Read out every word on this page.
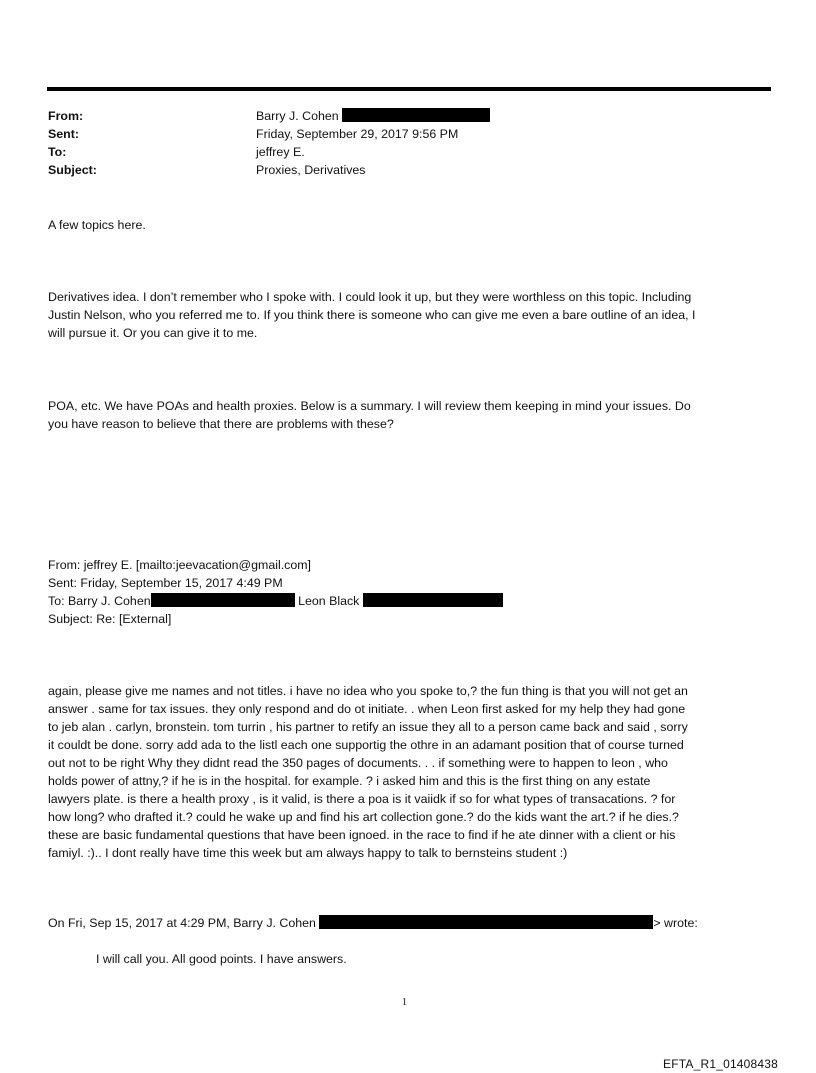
From:	Barry J. Cohen
Sent:	Friday, September 29, 2017 9:56 PM
To:	jeffrey E.
Subject:	Proxies, Derivatives
A few topics here.
Derivatives idea. I don’t remember who I spoke with. I could look it up, but they were worthless on this topic. Including
Justin Nelson, who you referred me to. If you think there is someone who can give me even a bare outline of an idea, I
will pursue it. Or you can give it to me.
POA, etc. We have POAs and health proxies. Below is a summary. I will review them keeping in mind your issues. Do
you have reason to believe that there are problems with these?
From: jeffrey E. [mailto:jeevacation@gmail.com]
Sent: Friday, September 15, 2017 4:49 PM
To: Barry J. Cohen	Leon Black
Subject: Re: [External]
again, please give me names and not titles. i have no idea who you spoke to,? the fun thing is that you will not get an
answer . same for tax issues. they only respond and do ot initiate. . when Leon first asked for my help they had gone
to jeb alan . carlyn, bronstein. tom turrin , his partner to retify an issue they all to a person came back and said , sorry
it couldt be done. sorry add ada to the listl each one supportig the othre in an adamant position that of course turned
out not to be right Why they didnt read the 350 pages of documents. . . if something were to happen to leon , who
holds power of attny,? if he is in the hospital. for example. ? i asked him and this is the first thing on any estate
lawyers plate. is there a health proxy , is it valid, is there a poa is it vaiidk if so for what types of transacations. ? for
how long? who drafted it.? could he wake up and find his art collection gone.? do the kids want the art.? if he dies.?
these are basic fundamental questions that have been ignoed. in the race to find if he ate dinner with a client or his
famiyl. :).. I dont really have time this week but am always happy to talk to bernsteins student :)
On Fri, Sep 15, 2017 at 4:29 PM, Barry J. Cohen	> wrote:
I will call you. All good points. I have answers.
1
EFTA_R1_01408438
